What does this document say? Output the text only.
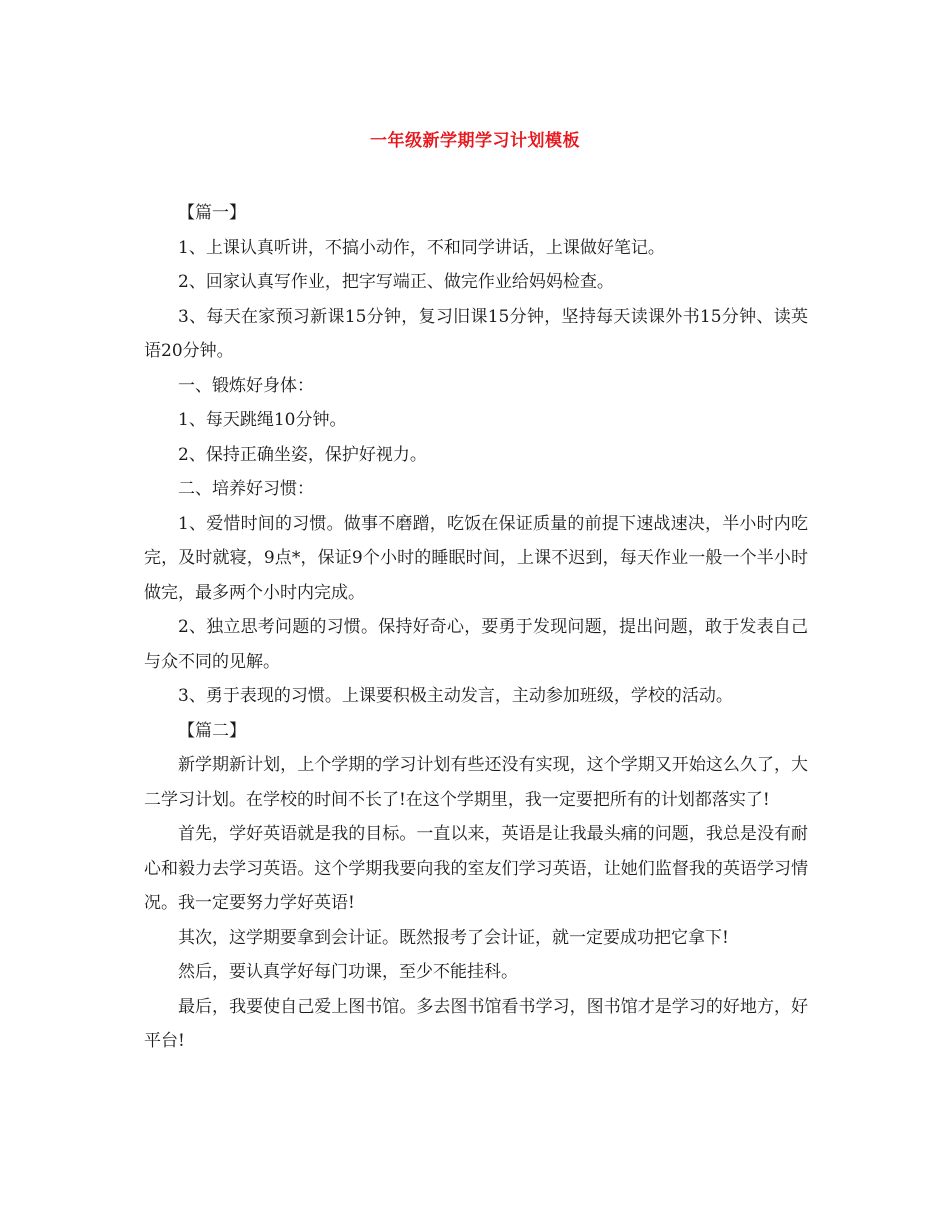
一年级新学期学习计划模板

【篇一】

1、上课认真听讲，不搞小动作，不和同学讲话，上课做好笔记。

2、回家认真写作业，把字写端正、做完作业给妈妈检查。

3、每天在家预习新课15分钟，复习旧课15分钟，坚持每天读课外书15分钟、读英语20分钟。

一、锻炼好身体：

1、每天跳绳10分钟。

2、保持正确坐姿，保护好视力。

二、培养好习惯：

1、爱惜时间的习惯。做事不磨蹭，吃饭在保证质量的前提下速战速决，半小时内吃完，及时就寝，9点*，保证9个小时的睡眠时间，上课不迟到，每天作业一般一个半小时做完，最多两个小时内完成。

2、独立思考问题的习惯。保持好奇心，要勇于发现问题，提出问题，敢于发表自己与众不同的见解。

3、勇于表现的习惯。上课要积极主动发言，主动参加班级，学校的活动。

【篇二】

新学期新计划，上个学期的学习计划有些还没有实现，这个学期又开始这么久了，大二学习计划。在学校的时间不长了!在这个学期里，我一定要把所有的计划都落实了!

首先，学好英语就是我的目标。一直以来，英语是让我最头痛的问题，我总是没有耐心和毅力去学习英语。这个学期我要向我的室友们学习英语，让她们监督我的英语学习情况。我一定要努力学好英语!

其次，这学期要拿到会计证。既然报考了会计证，就一定要成功把它拿下!

然后，要认真学好每门功课，至少不能挂科。

最后，我要使自己爱上图书馆。多去图书馆看书学习，图书馆才是学习的好地方，好平台!
